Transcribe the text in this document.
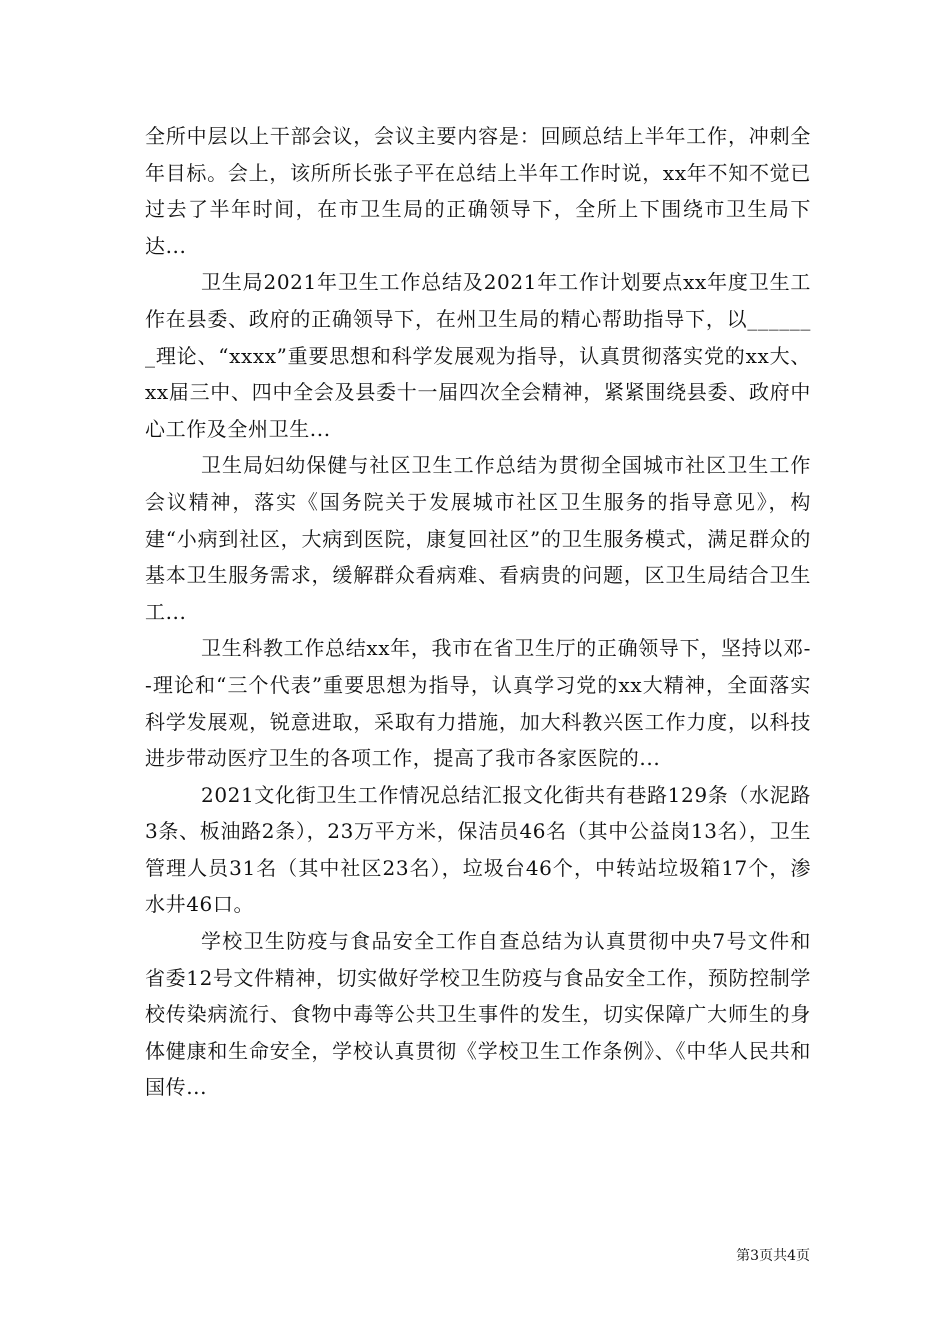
全所中层以上干部会议，会议主要内容是：回顾总结上半年工作，冲刺全年目标。会上，该所所长张子平在总结上半年工作时说，xx年不知不觉已过去了半年时间，在市卫生局的正确领导下，全所上下围绕市卫生局下达...

卫生局2021年卫生工作总结及2021年工作计划要点xx年度卫生工作在县委、政府的正确领导下，在州卫生局的精心帮助指导下，以_______理论、“xxxx”重要思想和科学发展观为指导，认真贯彻落实党的xx大、xx届三中、四中全会及县委十一届四次全会精神，紧紧围绕县委、政府中心工作及全州卫生...

卫生局妇幼保健与社区卫生工作总结为贯彻全国城市社区卫生工作会议精神，落实《国务院关于发展城市社区卫生服务的指导意见》，构建“小病到社区，大病到医院，康复回社区”的卫生服务模式，满足群众的基本卫生服务需求，缓解群众看病难、看病贵的问题，区卫生局结合卫生工...

卫生科教工作总结xx年，我市在省卫生厅的正确领导下，坚持以邓--理论和“三个代表”重要思想为指导，认真学习党的xx大精神，全面落实科学发展观，锐意进取，采取有力措施，加大科教兴医工作力度，以科技进步带动医疗卫生的各项工作，提高了我市各家医院的...

2021文化街卫生工作情况总结汇报文化街共有巷路129条（水泥路3条、板油路2条），23万平方米，保洁员46名（其中公益岗13名），卫生管理人员31名（其中社区23名），垃圾台46个，中转站垃圾箱17个，渗水井46口。

学校卫生防疫与食品安全工作自查总结为认真贯彻中央7号文件和省委12号文件精神，切实做好学校卫生防疫与食品安全工作，预防控制学校传染病流行、食物中毒等公共卫生事件的发生，切实保障广大师生的身体健康和生命安全，学校认真贯彻《学校卫生工作条例》、《中华人民共和国传...

第3页共4页
